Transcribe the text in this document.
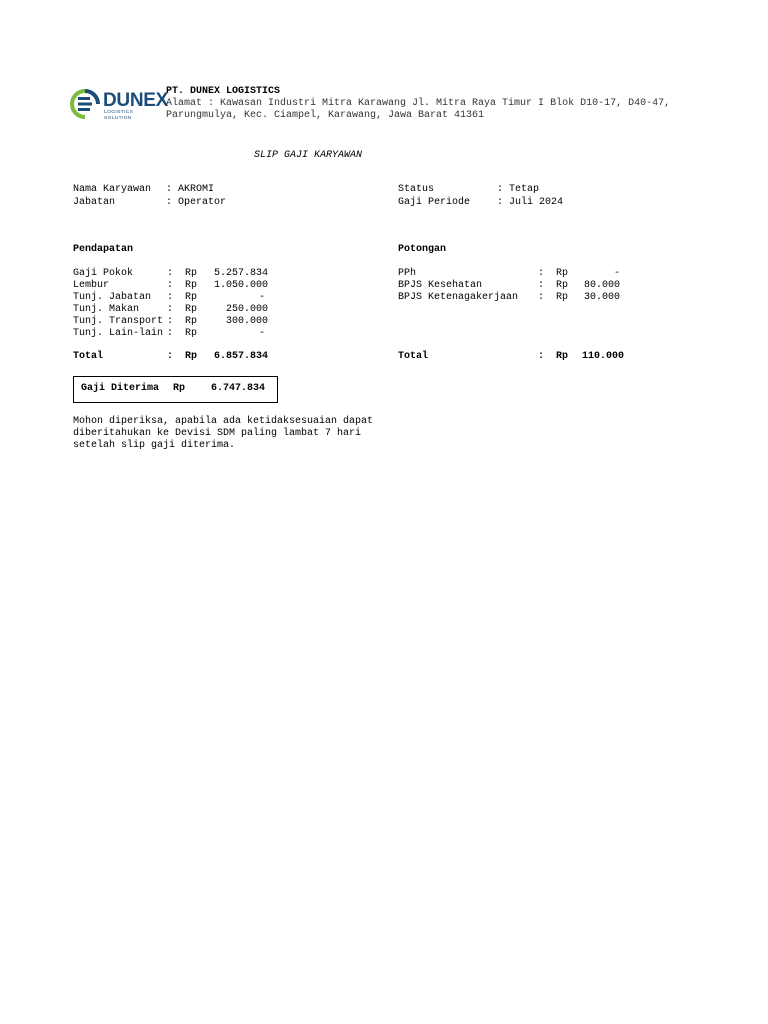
DUNEX
LOGISTICS SOLUTION
PT. DUNEX LOGISTICS
Alamat : Kawasan Industri Mitra Karawang Jl. Mitra Raya Timur I Blok D10-17, D40-47,
Parungmulya, Kec. Ciampel, Karawang, Jawa Barat 41361
SLIP GAJI KARYAWAN
Nama Karyawan : AKROMI
Jabatan	: Operator
Status	: Tetap
Gaji Periode	: Juli 2024
Pendapatan
Gaji Pokok	: Rp	5.257.834
Lembur	: Rp	1.050.000
Tunj. Jabatan : Rp	-
Tunj. Makan	: Rp	250.000
Tunj. Transport : Rp	300.000
Tunj. Lain-lain : Rp	-
Total	: Rp	6.857.834
Potongan
PPh	: Rp	-
BPJS Kesehatan	: Rp	80.000
BPJS Ketenagakerjaan : Rp	30.000
Total	: Rp	110.000
Gaji Diterima Rp	6.747.834
Mohon diperiksa, apabila ada ketidaksesuaian dapat
diberitahukan ke Devisi SDM paling lambat 7 hari
setelah slip gaji diterima.
